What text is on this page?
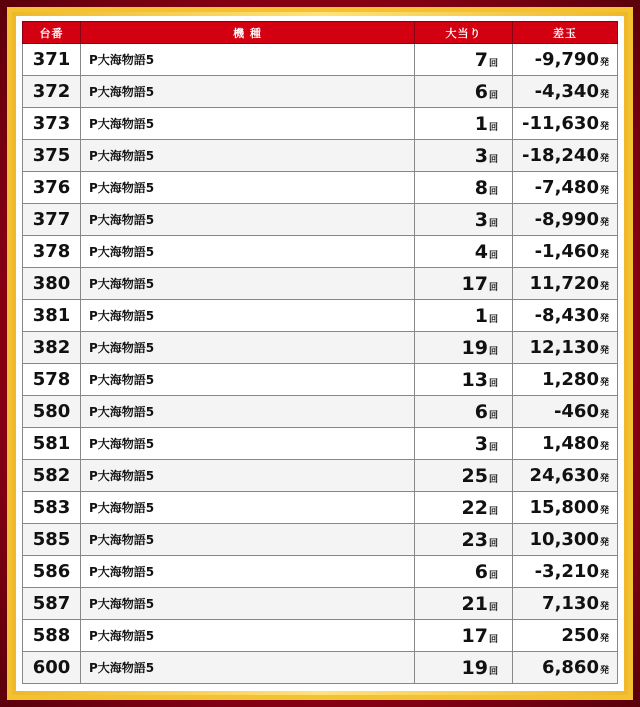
台番	機 種	大当り	差玉
371	P大海物語5	7回	-9,790発
372	P大海物語5	6回	-4,340発
373	P大海物語5	1回	-11,630発
375	P大海物語5	3回	-18,240発
376	P大海物語5	8回	-7,480発
377	P大海物語5	3回	-8,990発
378	P大海物語5	4回	-1,460発
380	P大海物語5	17回	11,720発
381	P大海物語5	1回	-8,430発
382	P大海物語5	19回	12,130発
578	P大海物語5	13回	1,280発
580	P大海物語5	6回	-460発
581	P大海物語5	3回	1,480発
582	P大海物語5	25回	24,630発
583	P大海物語5	22回	15,800発
585	P大海物語5	23回	10,300発
586	P大海物語5	6回	-3,210発
587	P大海物語5	21回	7,130発
588	P大海物語5	17回	250発
600	P大海物語5	19回	6,860発
